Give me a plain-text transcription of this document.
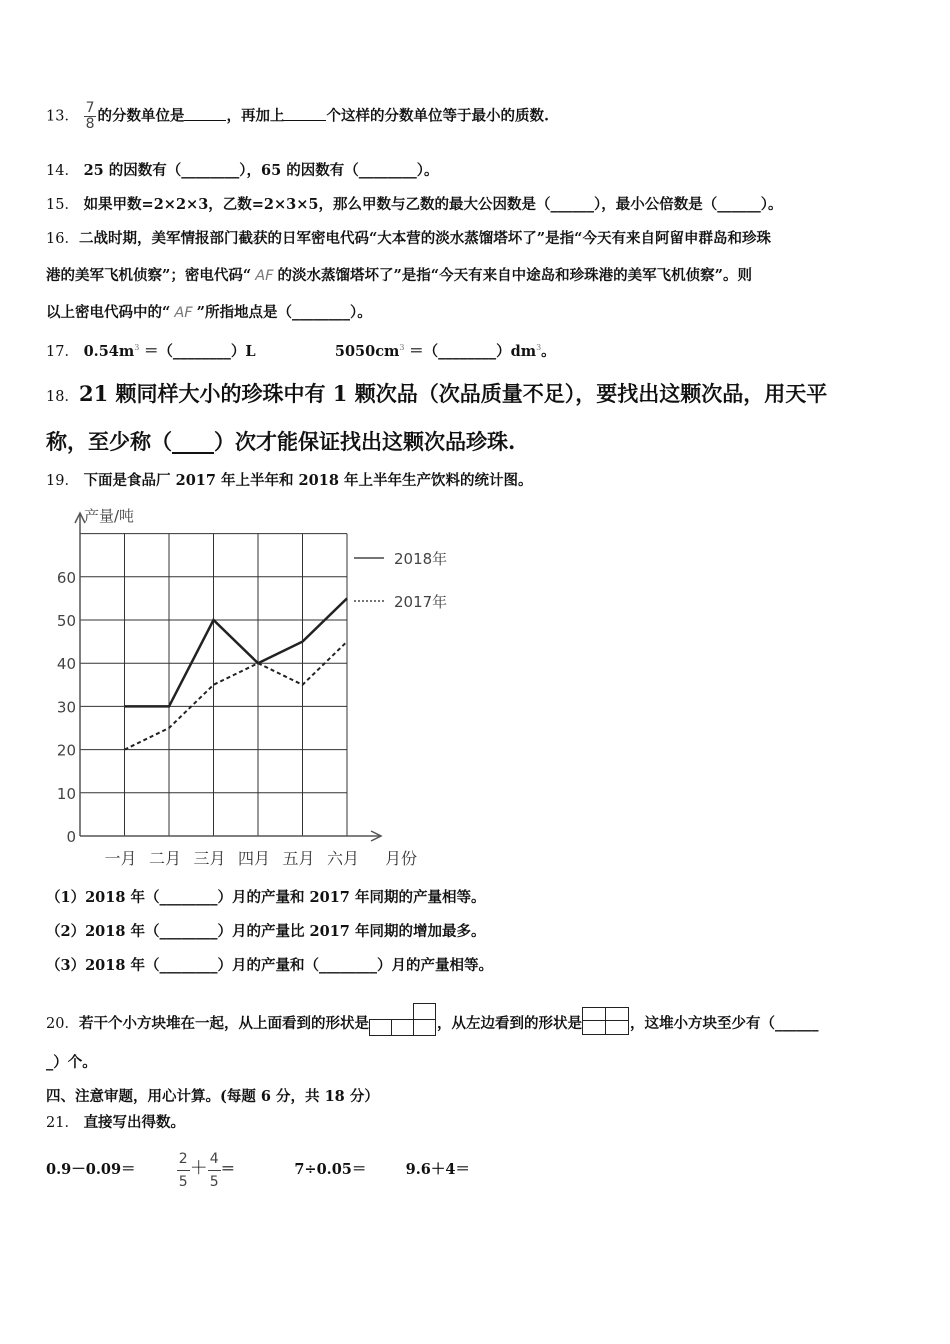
13． $\frac{7}{8}$ 的分数单位是	，再加上	个这样的分数单位等于最小的质数.
14． 25 的因数有（________），65 的因数有（________）。
15． 如果甲数=2×2×3，乙数=2×3×5，那么甲数与乙数的最大公因数是（______），最小公倍数是（______）。
16．二战时期，美军情报部门截获的日军密电代码“大本营的淡水蒸馏塔坏了”是指“今天有来自阿留申群岛和珍珠
港的美军飞机侦察”；密电代码“ AF 的淡水蒸馏塔坏了”是指“今天有来自中途岛和珍珠港的美军飞机侦察”。则
以上密电代码中的“ AF ”所指地点是（________）。
17． $0.54m^3$ ＝（________）L	$5050cm^3$ $=(\_\_\_\_\_\_\_\_)dm^3$。
18．21 颗同样大小的珍珠中有 1 颗次品（次品质量不足），要找出这颗次品，用天平
称，至少称（____）次才能保证找出这颗次品珍珠.
19． 下面是食品厂 2017 年上半年和 2018 年上半年生产饮料的统计图。
产量/吨
0
10
20
30
40
50
60
一月 二月 三月 四月 五月 六月 月份
2018年
2017年
（1）2018 年（________）月的产量和 2017 年同期的产量相等。
（2）2018 年（________）月的产量比 2017 年同期的增加最多。
（3）2018 年（________）月的产量和（________）月的产量相等。
20．若干个小方块堆在一起，从上面看到的形状是	，从左边看到的形状是	，这堆小方块至少有（______
_）个。
四、注意审题，用心计算。(每题 6 分，共 18 分）
21． 直接写出得数。
0.9－0.09＝	$\frac{2}{5} + \frac{4}{5}$ ＝	7÷0.05＝	9.6＋4＝
